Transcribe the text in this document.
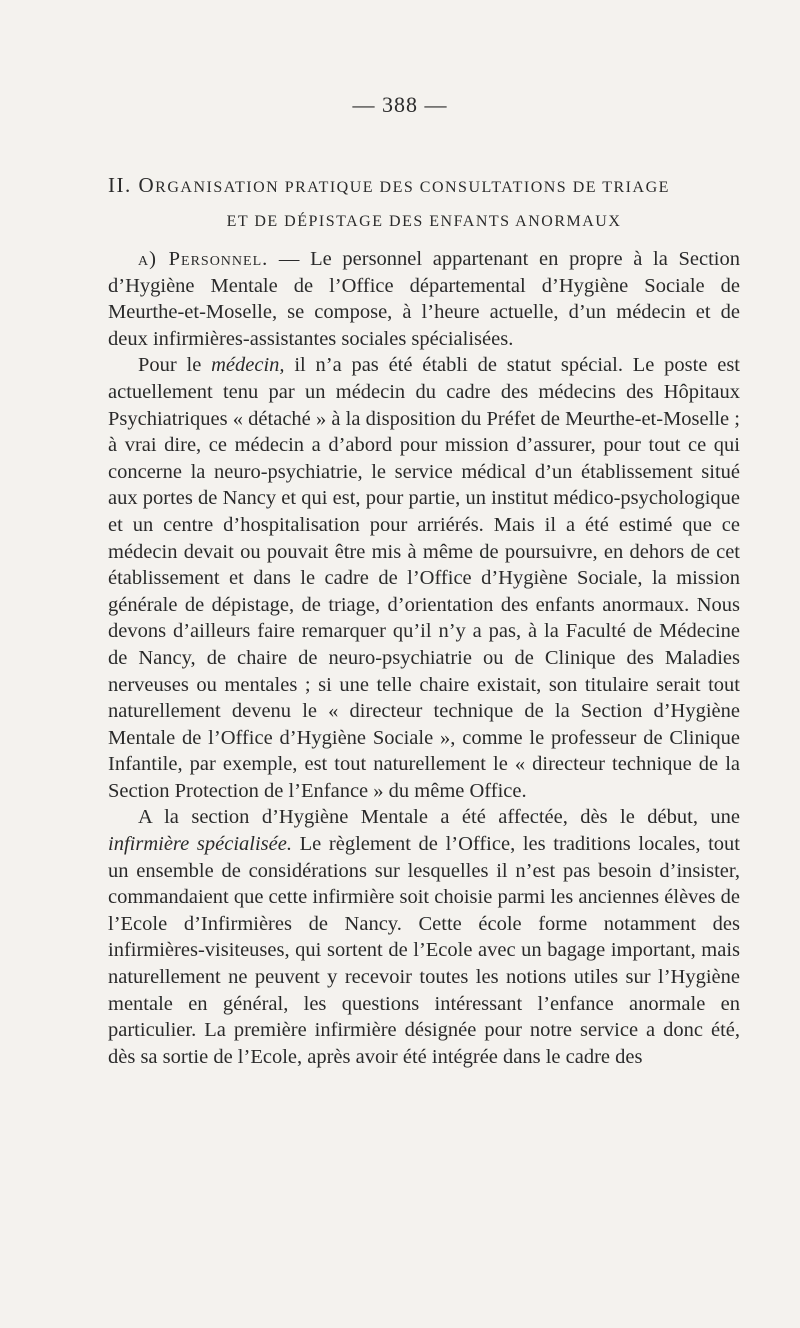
— 388 —
II. ORGANISATION PRATIQUE DES CONSULTATIONS DE TRIAGE
ET DE DÉPISTAGE DES ENFANTS ANORMAUX

a) Personnel. — Le personnel appartenant en propre à la Section d’Hygiène Mentale de l’Office départemental d’Hygiène Sociale de Meurthe-et-Moselle, se compose, à l’heure actuelle, d’un médecin et de deux infirmières-assistantes sociales spécialisées.

Pour le médecin, il n’a pas été établi de statut spécial. Le poste est actuellement tenu par un médecin du cadre des médecins des Hôpitaux Psychiatriques « détaché » à la disposition du Préfet de Meurthe-et-Moselle ; à vrai dire, ce médecin a d’abord pour mission d’assurer, pour tout ce qui concerne la neuro-psychiatrie, le service médical d’un établissement situé aux portes de Nancy et qui est, pour partie, un institut médico-psychologique et un centre d’hospitalisation pour arriérés. Mais il a été estimé que ce médecin devait ou pouvait être mis à même de poursuivre, en dehors de cet établissement et dans le cadre de l’Office d’Hygiène Sociale, la mission générale de dépistage, de triage, d’orientation des enfants anormaux. Nous devons d’ailleurs faire remarquer qu’il n’y a pas, à la Faculté de Médecine de Nancy, de chaire de neuro-psychiatrie ou de Clinique des Maladies nerveuses ou mentales ; si une telle chaire existait, son titulaire serait tout naturellement devenu le « directeur technique de la Section d’Hygiène Mentale de l’Office d’Hygiène Sociale », comme le professeur de Clinique Infantile, par exemple, est tout naturellement le « directeur technique de la Section Protection de l’Enfance » du même Office.

A la section d’Hygiène Mentale a été affectée, dès le début, une infirmière spécialisée. Le règlement de l’Office, les traditions locales, tout un ensemble de considérations sur lesquelles il n’est pas besoin d’insister, commandaient que cette infirmière soit choisie parmi les anciennes élèves de l’Ecole d’Infirmières de Nancy. Cette école forme notamment des infirmières-visiteuses, qui sortent de l’Ecole avec un bagage important, mais naturellement ne peuvent y recevoir toutes les notions utiles sur l’Hygiène mentale en général, les questions intéressant l’enfance anormale en particulier. La première infirmière désignée pour notre service a donc été, dès sa sortie de l’Ecole, après avoir été intégrée dans le cadre des
